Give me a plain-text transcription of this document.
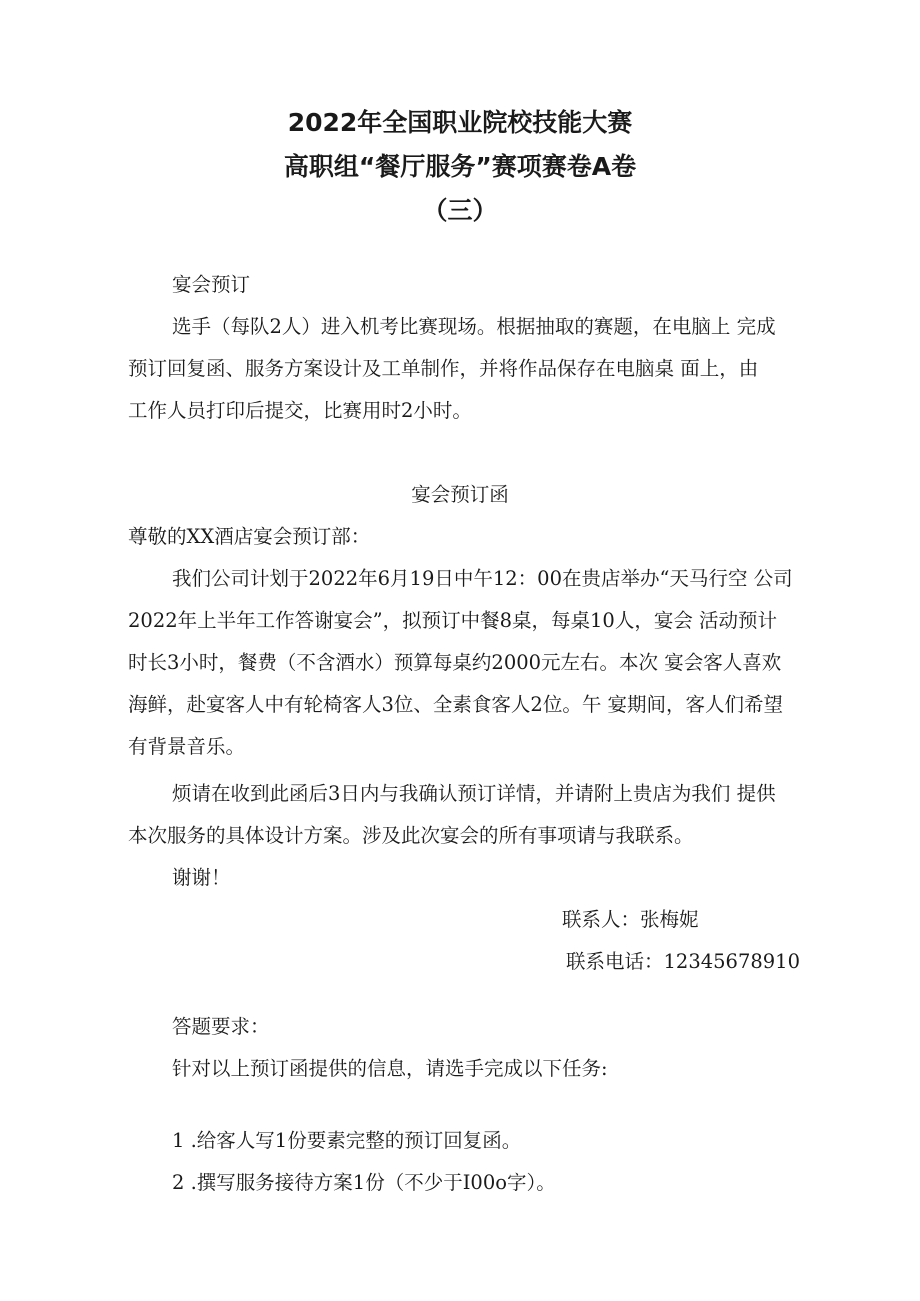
2022年全国职业院校技能大赛
高职组“餐厅服务”赛项赛卷A卷
（三）

宴会预订

选手（每队2人）进入机考比赛现场。根据抽取的赛题，在电脑上 完成

预订回复函、服务方案设计及工单制作，并将作品保存在电脑桌 面上，由

工作人员打印后提交，比赛用时2小时。

宴会预订函

尊敬的XX酒店宴会预订部：

我们公司计划于2022年6月19日中午12：00在贵店举办“天马行空 公司

2022年上半年工作答谢宴会”，拟预订中餐8桌，每桌10人，宴会 活动预计

时长3小时，餐费（不含酒水）预算每桌约2000元左右。本次 宴会客人喜欢

海鲜，赴宴客人中有轮椅客人3位、全素食客人2位。午 宴期间，客人们希望

有背景音乐。

烦请在收到此函后3日内与我确认预订详情，并请附上贵店为我们 提供

本次服务的具体设计方案。涉及此次宴会的所有事项请与我联系。

谢谢！

联系人：张梅妮

联系电话：12345678910

答题要求：

针对以上预订函提供的信息，请选手完成以下任务:

1 .给客人写1份要素完整的预订回复函。

2 .撰写服务接待方案1份（不少于I00o字）。
